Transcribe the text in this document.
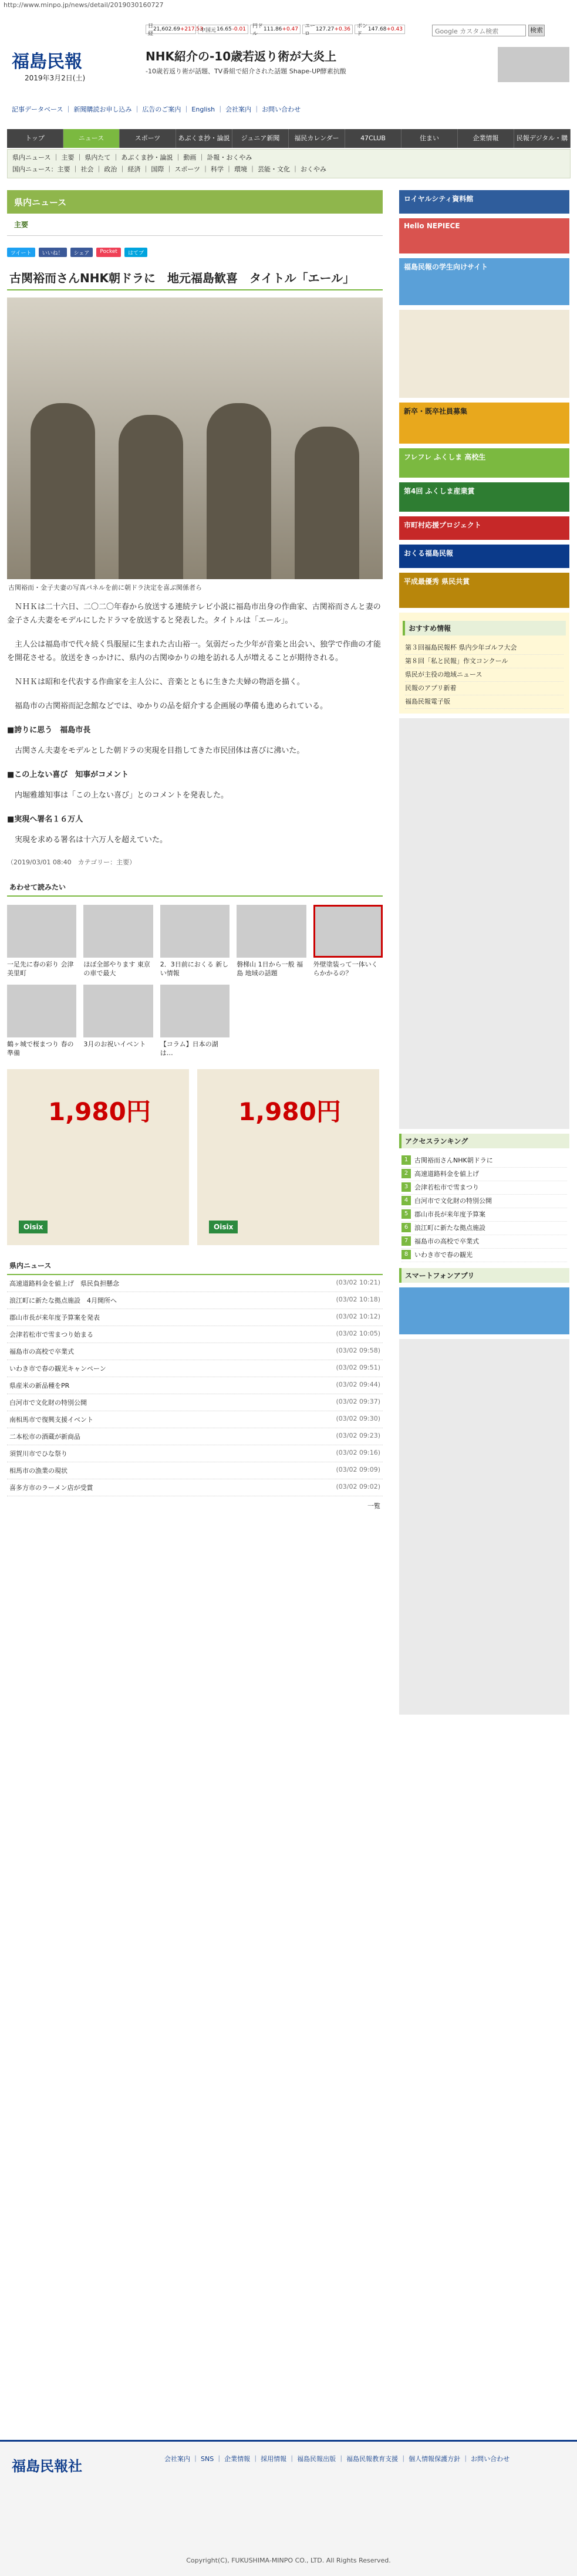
http://www.minpo.jp/news/detail/2019030160727
日経
21,602.69 +217.53
中国元 16.65 -0.01 円ドル
111.86 +0.47 ユーロ
127.27 +0.36 ポンド
147.68 +0.43	Google カスタム検索	検索
福島民報	NHK紹介の-10歳若返り術が大炎上
-10歳若返り術が話題、TV番組で紹介された話題 Shape-UP酵素抗酸
2019年3月2日(土)
記事データベース ｜ 新聞購読お申し込み ｜ 広告のご案内 ｜ English ｜ 会社案内 ｜ お問い合わせ
トップ	ニュース	スポーツ	あぶくま抄・論説	ジュニア新聞	福民カレンダー	47CLUB	住まい	企業情報	民報デジタル・購
県内ニュース ｜ 主要 ｜ 県内たて ｜ あぶくま抄・論説 ｜ 動画 ｜ 訃報・おくやみ
国内ニュース：主要 ｜ 社会 ｜ 政治 ｜ 経済 ｜ 国際 ｜ スポーツ ｜ 科学 ｜ 環境 ｜ 芸能・文化 ｜ おくやみ
県内ニュース
主要
ツイート	いいね！	シェア	Pocket	はてブ
古関裕而さんNHK朝ドラに　地元福島歓喜　タイトル「エール」
古関裕而・金子夫妻の写真パネルを前に朝ドラ決定を喜ぶ関係者ら

ＮＨＫは二十六日、二〇二〇年春から放送する連続テレビ小説に福島市出身の作曲家、古関裕而さんと妻の金子さん夫妻をモデルにしたドラマを放送すると発表した。タイトルは「エール」。

主人公は福島市で代々続く呉服屋に生まれた古山裕一。気弱だった少年が音楽と出会い、独学で作曲の才能を開花させる。放送をきっかけに、県内の古関ゆかりの地を訪れる人が増えることが期待される。

ＮＨＫは昭和を代表する作曲家を主人公に、音楽とともに生きた夫婦の物語を描く。

福島市の古関裕而記念館などでは、ゆかりの品を紹介する企画展の準備も進められている。

■誇りに思う　福島市長

古関さん夫妻をモデルとした朝ドラの実現を目指してきた市民団体は喜びに沸いた。

■この上ない喜び　知事がコメント

内堀雅雄知事は「この上ない喜び」とのコメントを発表した。

■実現へ署名１６万人

実現を求める署名は十六万人を超えていた。

（2019/03/01 08:40　カテゴリー：主要）
あわせて読みたい
一足先に春の彩り 会津美里町
ほぼ全部やります 東京の車で最大
2．3日前におくる 新しい情報
磐梯山 1日から一般 福島 地域の話題
外壁塗装って一体いくらかかるの？
鶴ヶ城で桜まつり 春の準備
3月のお祝いイベント	【コラム】日本の湖は…
1,980円
Oisix
1,980円
Oisix
県内ニュース
高速道路料金を値上げ　県民負担懸念	(03/02 10:21)
浪江町に新たな拠点施設　4月開所へ	(03/02 10:18)
郡山市長が来年度予算案を発表	(03/02 10:12)
会津若松市で雪まつり始まる	(03/02 10:05)
福島市の高校で卒業式	(03/02 09:58)
いわき市で春の観光キャンペーン	(03/02 09:51)
県産米の新品種をPR	(03/02 09:44)
白河市で文化財の特別公開	(03/02 09:37)
南相馬市で復興支援イベント	(03/02 09:30)
二本松市の酒蔵が新商品	(03/02 09:23)
須賀川市でひな祭り	(03/02 09:16)
相馬市の漁業の現状	(03/02 09:09)
喜多方市のラーメン店が受賞	(03/02 09:02)
一覧
ロイヤルシティ資料館
Hello NEPIECE
福島民報の学生向けサイト
新卒・既卒社員募集
フレフレ ふくしま 高校生
第4回 ふくしま産業賞
市町村応援プロジェクト
おくる福島民報
平成最優秀 県民共賞
おすすめ情報
第３回福島民報杯 県内少年ゴルフ大会
第８回「私と民報」作文コンクール
県民が主役の地域ニュース
民報のアプリ新着
福島民報電子版
アクセスランキング
1 古関裕而さんNHK朝ドラに
2 高速道路料金を値上げ
3 会津若松市で雪まつり
4 白河市で文化財の特別公開
5 郡山市長が来年度予算案
6 浪江町に新たな拠点施設
7 福島市の高校で卒業式
8 いわき市で春の観光
スマートフォンアプリ
福島民報社	会社案内 ｜ SNS ｜ 企業情報 ｜ 採用情報 ｜ 福島民報出版 ｜ 福島民報教育支援 ｜ 個人情報保護方針 ｜ お問い合わせ
Copyright(C), FUKUSHIMA-MINPO CO., LTD. All Rights Reserved.
